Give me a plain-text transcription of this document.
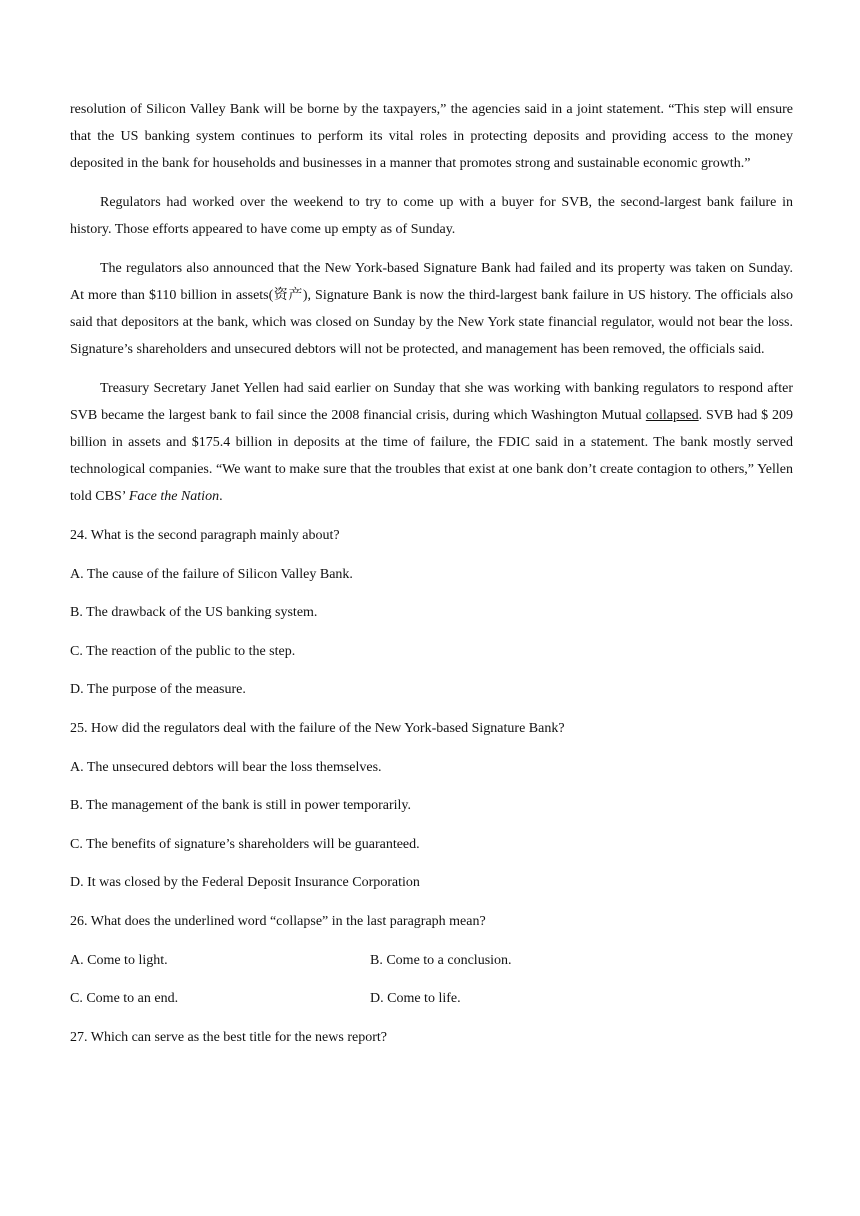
resolution of Silicon Valley Bank will be borne by the taxpayers,” the agencies said in a joint statement. “This step will ensure that the US banking system continues to perform its vital roles in protecting deposits and providing access to the money deposited in the bank for households and businesses in a manner that promotes strong and sustainable economic growth.”

Regulators had worked over the weekend to try to come up with a buyer for SVB, the second-largest bank failure in history. Those efforts appeared to have come up empty as of Sunday.

The regulators also announced that the New York-based Signature Bank had failed and its property was taken on Sunday. At more than $110 billion in assets(资产), Signature Bank is now the third-largest bank failure in US history. The officials also said that depositors at the bank, which was closed on Sunday by the New York state financial regulator, would not bear the loss. Signature’s shareholders and unsecured debtors will not be protected, and management has been removed, the officials said.

Treasury Secretary Janet Yellen had said earlier on Sunday that she was working with banking regulators to respond after SVB became the largest bank to fail since the 2008 financial crisis, during which Washington Mutual collapsed. SVB had $ 209 billion in assets and $175.4 billion in deposits at the time of failure, the FDIC said in a statement. The bank mostly served technological companies. “We want to make sure that the troubles that exist at one bank don’t create contagion to others,” Yellen told CBS’ Face the Nation.

24. What is the second paragraph mainly about?
A. The cause of the failure of Silicon Valley Bank.
B. The drawback of the US banking system.
C. The reaction of the public to the step.
D. The purpose of the measure.
25. How did the regulators deal with the failure of the New York-based Signature Bank?
A. The unsecured debtors will bear the loss themselves.
B. The management of the bank is still in power temporarily.
C. The benefits of signature’s shareholders will be guaranteed.
D. It was closed by the Federal Deposit Insurance Corporation
26. What does the underlined word “collapse” in the last paragraph mean?
A. Come to light.	B. Come to a conclusion.
C. Come to an end.	D. Come to life.
27. Which can serve as the best title for the news report?
